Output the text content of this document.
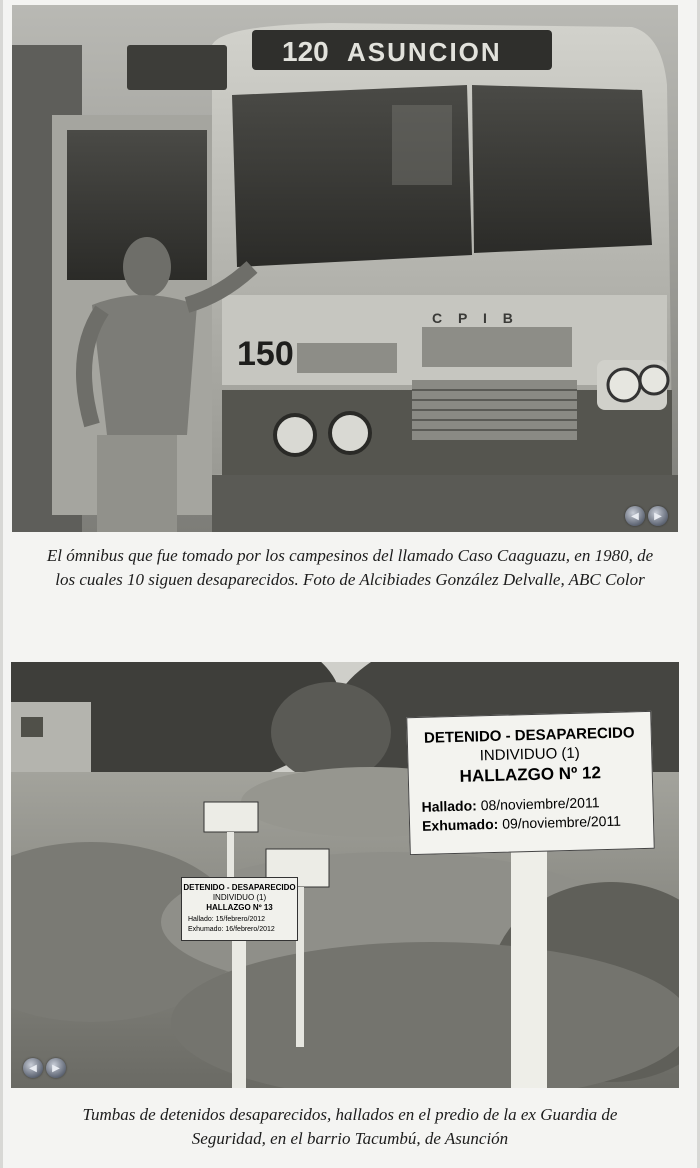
120 ASUNCION
150
C P I B
◀	▶
El ómnibus que fue tomado por los campesinos del llamado Caso Caaguazu, en 1980, de
los cuales 10 siguen desaparecidos. Foto de Alcibiades González Delvalle, ABC Color
DETENIDO - DESAPARECIDO
INDIVIDUO (1)
HALLAZGO Nº 13
Hallado: 15/febrero/2012
Exhumado: 16/febrero/2012
DETENIDO - DESAPARECIDO
INDIVIDUO (1)
HALLAZGO Nº 12
Hallado: 08/noviembre/2011
Exhumado: 09/noviembre/2011
◀	▶
Tumbas de detenidos desaparecidos, hallados en el predio de la ex Guardia de
Seguridad, en el barrio Tacumbú, de Asunción
